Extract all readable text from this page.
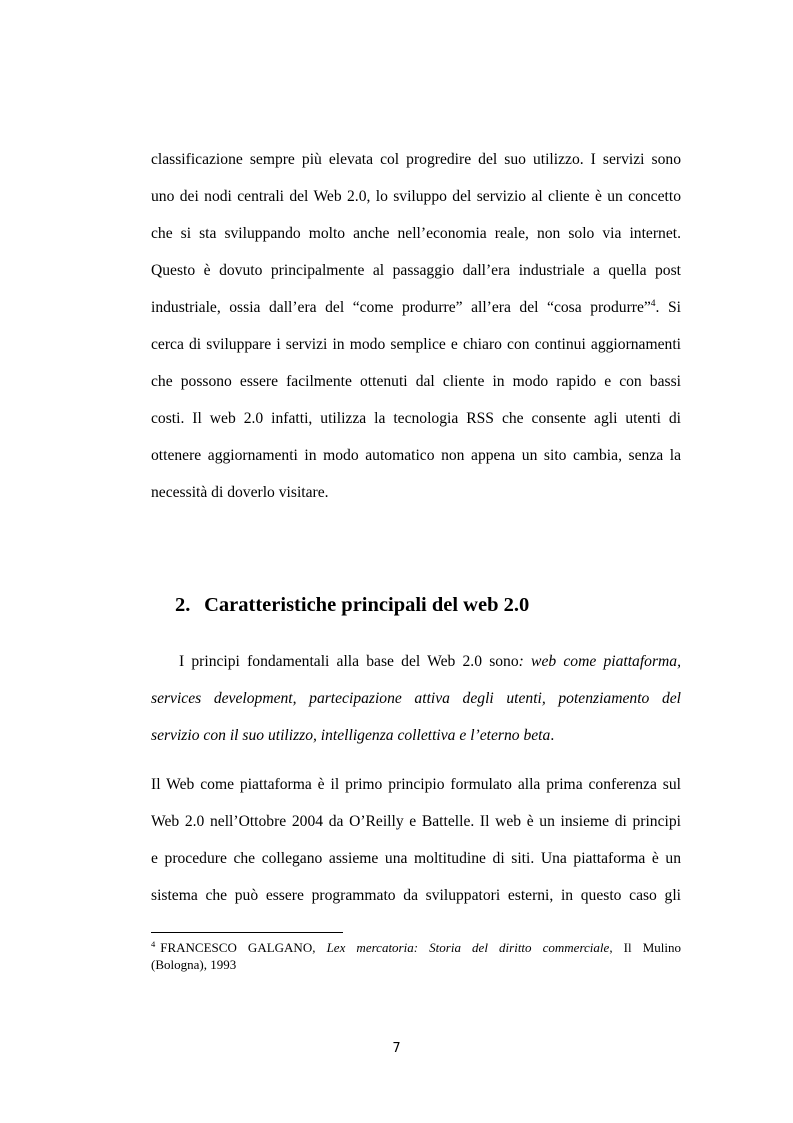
classificazione sempre più elevata col progredire del suo utilizzo. I servizi sono
uno dei nodi centrali del Web 2.0, lo sviluppo del servizio al cliente è un concetto
che si sta sviluppando molto anche nell’economia reale, non solo via internet.
Questo è dovuto principalmente al passaggio dall’era industriale a quella post
industriale, ossia dall’era del “come produrre” all’era del “cosa produrre”$^4$. Si
cerca di sviluppare i servizi in modo semplice e chiaro con continui aggiornamenti
che possono essere facilmente ottenuti dal cliente in modo rapido e con bassi
costi. Il web 2.0 infatti, utilizza la tecnologia RSS che consente agli utenti di
ottenere aggiornamenti in modo automatico non appena un sito cambia, senza la
necessità di doverlo visitare.
2. Caratteristiche principali del web 2.0
I principi fondamentali alla base del Web 2.0 sono: web come piattaforma,
services development, partecipazione attiva degli utenti, potenziamento del
servizio con il suo utilizzo, intelligenza collettiva e l’eterno beta.
Il Web come piattaforma è il primo principio formulato alla prima conferenza sul
Web 2.0 nell’Ottobre 2004 da O’Reilly e Battelle. Il web è un insieme di principi
e procedure che collegano assieme una moltitudine di siti. Una piattaforma è un
sistema che può essere programmato da sviluppatori esterni, in questo caso gli
$^4$ FRANCESCO GALGANO, Lex mercatoria: Storia del diritto commerciale, Il Mulino
(Bologna), 1993
7
